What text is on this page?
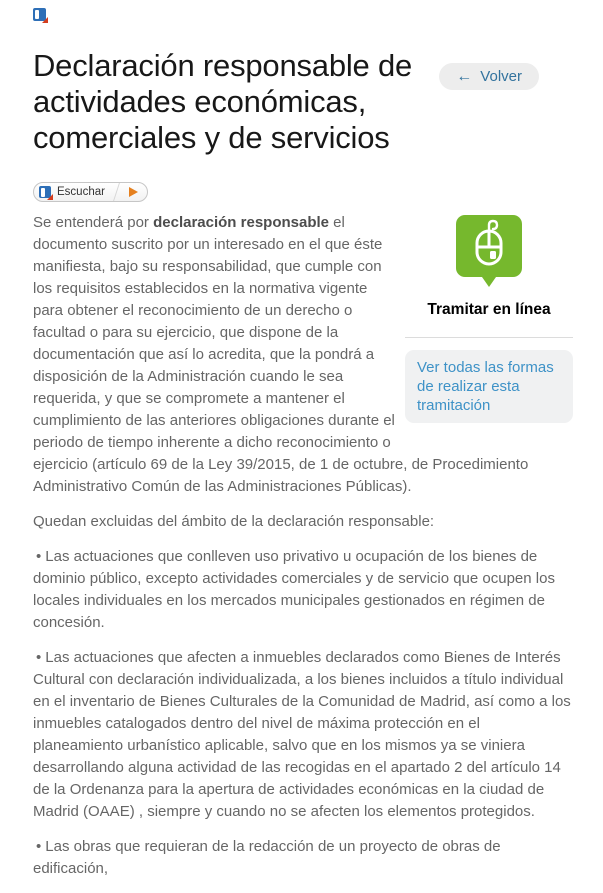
← Volver
Declaración responsable de actividades económicas, comerciales y de servicios
Escuchar
Tramitar en línea
Ver todas las formas de realizar esta tramitación

Se entenderá por declaración responsable el documento suscrito por un interesado en el que éste manifiesta, bajo su responsabilidad, que cumple con los requisitos establecidos en la normativa vigente para obtener el reconocimiento de un derecho o facultad o para su ejercicio, que dispone de la documentación que así lo acredita, que la pondrá a disposición de la Administración cuando le sea requerida, y que se compromete a mantener el cumplimiento de las anteriores obligaciones durante el periodo de tiempo inherente a dicho reconocimiento o ejercicio (artículo 69 de la Ley 39/2015, de 1 de octubre, de Procedimiento Administrativo Común de las Administraciones Públicas).

Quedan excluidas del ámbito de la declaración responsable:

• Las actuaciones que conlleven uso privativo u ocupación de los bienes de dominio público, excepto actividades comerciales y de servicio que ocupen los locales individuales en los mercados municipales gestionados en régimen de concesión.

• Las actuaciones que afecten a inmuebles declarados como Bienes de Interés Cultural con declaración individualizada, a los bienes incluidos a título individual en el inventario de Bienes Culturales de la Comunidad de Madrid, así como a los inmuebles catalogados dentro del nivel de máxima protección en el planeamiento urbanístico aplicable, salvo que en los mismos ya se viniera desarrollando alguna actividad de las recogidas en el apartado 2 del artículo 14 de la Ordenanza para la apertura de actividades económicas en la ciudad de Madrid (OAAE) , siempre y cuando no se afecten los elementos protegidos.

• Las obras que requieran de la redacción de un proyecto de obras de edificación,
